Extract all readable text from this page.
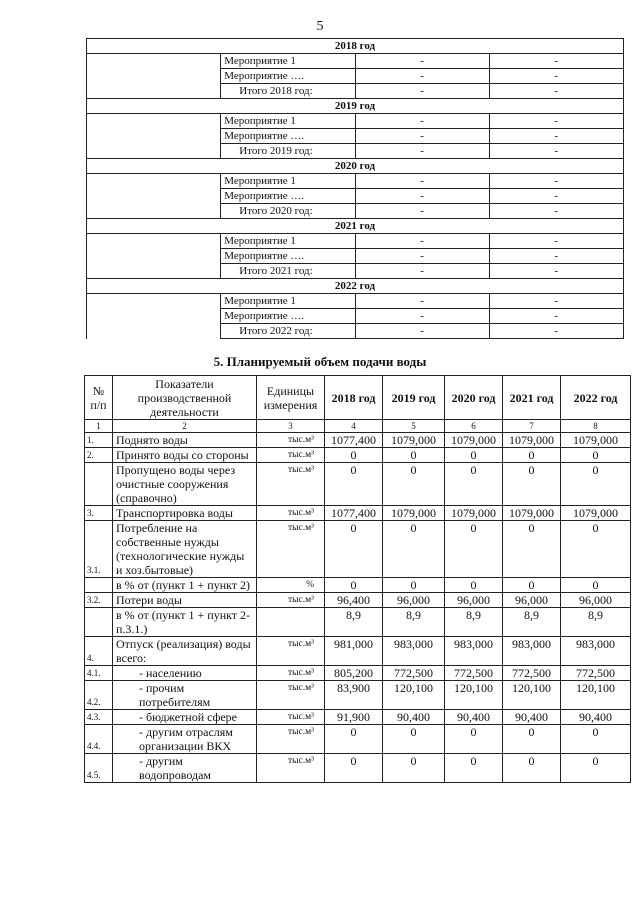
5
2018 год			
	Мероприятие 1	-	-
	Мероприятие ….	-	-
	Итого 2018 год:	-	-
2019 год			
	Мероприятие 1	-	-
	Мероприятие ….	-	-
	Итого 2019 год:	-	-
2020 год			
	Мероприятие 1	-	-
	Мероприятие ….	-	-
	Итого 2020 год:	-	-
2021 год			
	Мероприятие 1	-	-
	Мероприятие ….	-	-
	Итого 2021 год:	-	-
2022 год			
	Мероприятие 1	-	-
	Мероприятие ….	-	-
	Итого 2022 год:	-	-
5. Планируемый объем подачи воды
№ п/п	Показатели производственной деятельности	Единицы измерения	2018 год	2019 год	2020 год	2021 год	2022 год
1	2	3	4	5	6	7	8
1.	Поднято воды	тыс.м³	1077,400	1079,000	1079,000	1079,000	1079,000
2.	Принято воды со стороны	тыс.м³	0	0	0	0	0
	Пропущено воды через очистные сооружения (справочно)	тыс.м³	0	0	0	0	0
3.	Транспортировка воды	тыс.м³	1077,400	1079,000	1079,000	1079,000	1079,000
3.1.	Потребление на собственные нужды (технологические нужды и хоз.бытовые)	тыс.м³	0	0	0	0	0
	в % от (пункт 1 + пункт 2)	%	0	0	0	0	0
3.2.	Потери воды	тыс.м³	96,400	96,000	96,000	96,000	96,000
	в % от (пункт 1 + пункт 2-п.3.1.)		8,9	8,9	8,9	8,9	8,9
4.	Отпуск (реализация) воды всего:	тыс.м³	981,000	983,000	983,000	983,000	983,000
4.1.	- населению	тыс.м³	805,200	772,500	772,500	772,500	772,500
4.2.	- прочим потребителям	тыс.м³	83,900	120,100	120,100	120,100	120,100
4.3.	- бюджетной сфере	тыс.м³	91,900	90,400	90,400	90,400	90,400
4.4.	- другим отраслям организации ВКХ	тыс.м³	0	0	0	0	0
4.5.	- другим водопроводам	тыс.м³	0	0	0	0	0
